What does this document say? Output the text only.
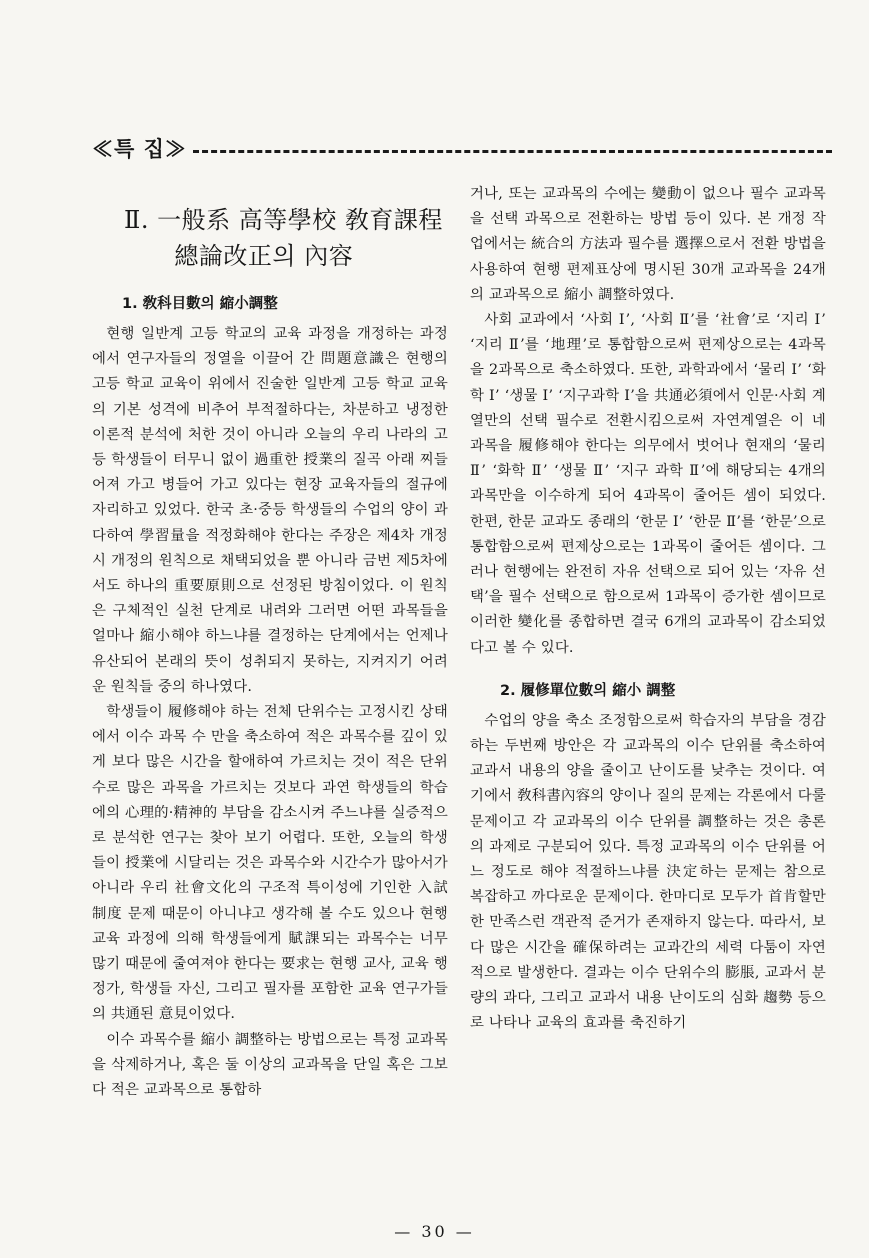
≪특 집≫
Ⅱ. 一般系 高等學校 敎育課程 總論改正의 內容
1. 敎科目數의 縮小調整

현행 일반계 고등 학교의 교육 과정을 개정하는 과정에서 연구자들의 정열을 이끌어 간 問題意識은 현행의 고등 학교 교육이 위에서 진술한 일반계 고등 학교 교육의 기본 성격에 비추어 부적절하다는, 차분하고 냉정한 이론적 분석에 처한 것이 아니라 오늘의 우리 나라의 고등 학생들이 터무니 없이 過重한 授業의 질곡 아래 찌들어져 가고 병들어 가고 있다는 현장 교육자들의 절규에 자리하고 있었다. 한국 초·중등 학생들의 수업의 양이 과다하여 學習量을 적정화해야 한다는 주장은 제4차 개정시 개정의 원칙으로 채택되었을 뿐 아니라 금번 제5차에서도 하나의 重要原則으로 선정된 방침이었다. 이 원칙은 구체적인 실천 단계로 내려와 그러면 어떤 과목들을 얼마나 縮小해야 하느냐를 결정하는 단계에서는 언제나 유산되어 본래의 뜻이 성취되지 못하는, 지켜지기 어려운 원칙들 중의 하나였다.

학생들이 履修해야 하는 전체 단위수는 고정시킨 상태에서 이수 과목 수 만을 축소하여 적은 과목수를 깊이 있게 보다 많은 시간을 할애하여 가르치는 것이 적은 단위수로 많은 과목을 가르치는 것보다 과연 학생들의 학습에의 心理的·精神的 부담을 감소시켜 주느냐를 실증적으로 분석한 연구는 찾아 보기 어렵다. 또한, 오늘의 학생들이 授業에 시달리는 것은 과목수와 시간수가 많아서가 아니라 우리 社會文化의 구조적 특이성에 기인한 入試制度 문제 때문이 아니냐고 생각해 볼 수도 있으나 현행 교육 과정에 의해 학생들에게 賦課되는 과목수는 너무 많기 때문에 줄여져야 한다는 要求는 현행 교사, 교육 행정가, 학생들 자신, 그리고 필자를 포함한 교육 연구가들의 共通된 意見이었다.

이수 과목수를 縮小 調整하는 방법으로는 특정 교과목을 삭제하거나, 혹은 둘 이상의 교과목을 단일 혹은 그보다 적은 교과목으로 통합하

거나, 또는 교과목의 수에는 變動이 없으나 필수 교과목을 선택 과목으로 전환하는 방법 등이 있다. 본 개정 작업에서는 統合의 方法과 필수를 選擇으로서 전환 방법을 사용하여 현행 편제표상에 명시된 30개 교과목을 24개의 교과목으로 縮小 調整하였다.

사회 교과에서 ‘사회 Ⅰ’, ‘사회 Ⅱ’를 ‘社會’로 ‘지리 Ⅰ’ ‘지리 Ⅱ’를 ‘地理’로 통합함으로써 편제상으로는 4과목을 2과목으로 축소하였다. 또한, 과학과에서 ‘물리 Ⅰ’ ‘화학 Ⅰ’ ‘생물 Ⅰ’ ‘지구과학 Ⅰ’을 共通必須에서 인문·사회 계열만의 선택 필수로 전환시킴으로써 자연계열은 이 네 과목을 履修해야 한다는 의무에서 벗어나 현재의 ‘물리 Ⅱ’ ‘화학 Ⅱ’ ‘생물 Ⅱ’ ‘지구 과학 Ⅱ’에 해당되는 4개의 과목만을 이수하게 되어 4과목이 줄어든 셈이 되었다. 한편, 한문 교과도 종래의 ‘한문 Ⅰ’ ‘한문 Ⅱ’를 ‘한문’으로 통합함으로써 편제상으로는 1과목이 줄어든 셈이다. 그러나 현행에는 완전히 자유 선택으로 되어 있는 ‘자유 선택’을 필수 선택으로 함으로써 1과목이 증가한 셈이므로 이러한 變化를 종합하면 결국 6개의 교과목이 감소되었다고 볼 수 있다.

2. 履修單位數의 縮小 調整

수업의 양을 축소 조정함으로써 학습자의 부담을 경감하는 두번째 방안은 각 교과목의 이수 단위를 축소하여 교과서 내용의 양을 줄이고 난이도를 낮추는 것이다. 여기에서 敎科書內容의 양이나 질의 문제는 각론에서 다룰 문제이고 각 교과목의 이수 단위를 調整하는 것은 총론의 과제로 구분되어 있다. 특정 교과목의 이수 단위를 어느 정도로 해야 적절하느냐를 決定하는 문제는 참으로 복잡하고 까다로운 문제이다. 한마디로 모두가 首肯할만한 만족스런 객관적 준거가 존재하지 않는다. 따라서, 보다 많은 시간을 確保하려는 교과간의 세력 다툼이 자연적으로 발생한다. 결과는 이수 단위수의 膨脹, 교과서 분량의 과다, 그리고 교과서 내용 난이도의 심화 趨勢 등으로 나타나 교육의 효과를 축진하기

— 30 —
